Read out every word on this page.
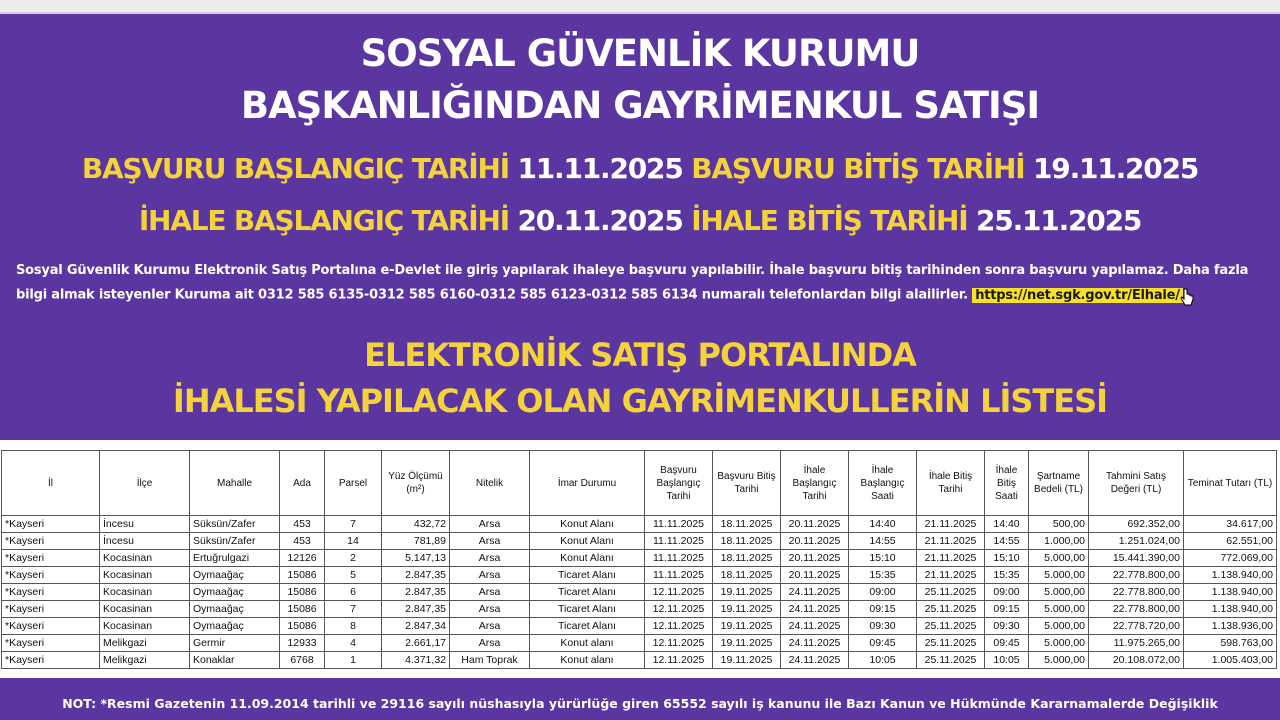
SOSYAL GÜVENLİK KURUMU
BAŞKANLIĞINDAN GAYRİMENKUL SATIŞI
BAŞVURU BAŞLANGIÇ TARİHİ 11.11.2025 BAŞVURU BİTİŞ TARİHİ 19.11.2025
İHALE BAŞLANGIÇ TARİHİ 20.11.2025 İHALE BİTİŞ TARİHİ 25.11.2025
Sosyal Güvenlik Kurumu Elektronik Satış Portalına e-Devlet ile giriş yapılarak ihaleye başvuru yapılabilir. İhale başvuru bitiş tarihinden sonra başvuru yapılamaz. Daha fazla bilgi almak isteyenler Kuruma ait 0312 585 6135-0312 585 6160-0312 585 6123-0312 585 6134 numaralı telefonlardan bilgi alailirler. https://net.sgk.gov.tr/Elhale/
ELEKTRONİK SATIŞ PORTALINDA
İHALESİ YAPILACAK OLAN GAYRİMENKULLERİN LİSTESİ
İl	İlçe	Mahalle	Ada	Parsel	Yüz Ölçümü (m²)	Nitelik	İmar Durumu	Başvuru Başlangıç Tarihi	Başvuru Bitiş Tarihi	İhale Başlangıç Tarihi	İhale Başlangıç Saati	İhale Bitiş Tarihi	İhale Bitiş Saati	Şartname Bedeli (TL)	Tahmini Satış Değeri (TL)	Teminat Tutarı (TL)
*Kayseri	İncesu	Süksün/Zafer	453	7	432,72	Arsa	Konut Alanı	11.11.2025	18.11.2025	20.11.2025	14:40	21.11.2025	14:40	500,00	692.352,00	34.617,00
*Kayseri	İncesu	Süksün/Zafer	453	14	781,89	Arsa	Konut Alanı	11.11.2025	18.11.2025	20.11.2025	14:55	21.11.2025	14:55	1.000,00	1.251.024,00	62.551,00
*Kayseri	Kocasinan	Ertuğrulgazi	12126	2	5.147,13	Arsa	Konut Alanı	11.11.2025	18.11.2025	20.11.2025	15:10	21.11.2025	15:10	5.000,00	15.441.390,00	772.069,00
*Kayseri	Kocasinan	Oymaağaç	15086	5	2.847,35	Arsa	Ticaret Alanı	11.11.2025	18.11.2025	20.11.2025	15:35	21.11.2025	15:35	5.000,00	22.778.800,00	1.138.940,00
*Kayseri	Kocasinan	Oymaağaç	15086	6	2.847,35	Arsa	Ticaret Alanı	12.11.2025	19.11.2025	24.11.2025	09:00	25.11.2025	09:00	5.000,00	22.778.800,00	1.138.940,00
*Kayseri	Kocasinan	Oymaağaç	15086	7	2.847,35	Arsa	Ticaret Alanı	12.11.2025	19.11.2025	24.11.2025	09:15	25.11.2025	09:15	5.000,00	22.778.800,00	1.138.940,00
*Kayseri	Kocasinan	Oymaağaç	15086	8	2.847,34	Arsa	Ticaret Alanı	12.11.2025	19.11.2025	24.11.2025	09:30	25.11.2025	09:30	5.000,00	22.778.720,00	1.138.936,00
*Kayseri	Melikgazi	Germir	12933	4	2.661,17	Arsa	Konut alanı	12.11.2025	19.11.2025	24.11.2025	09:45	25.11.2025	09:45	5.000,00	11.975.265,00	598.763,00
*Kayseri	Melikgazi	Konaklar	6768	1	4.371,32	Ham Toprak	Konut alanı	12.11.2025	19.11.2025	24.11.2025	10:05	25.11.2025	10:05	5.000,00	20.108.072,00	1.005.403,00
NOT: *Resmi Gazetenin 11.09.2014 tarihli ve 29116 sayılı nüshasıyla yürürlüğe giren 65552 sayılı iş kanunu ile Bazı Kanun ve Hükmünde Kararnamalerde Değişiklik
